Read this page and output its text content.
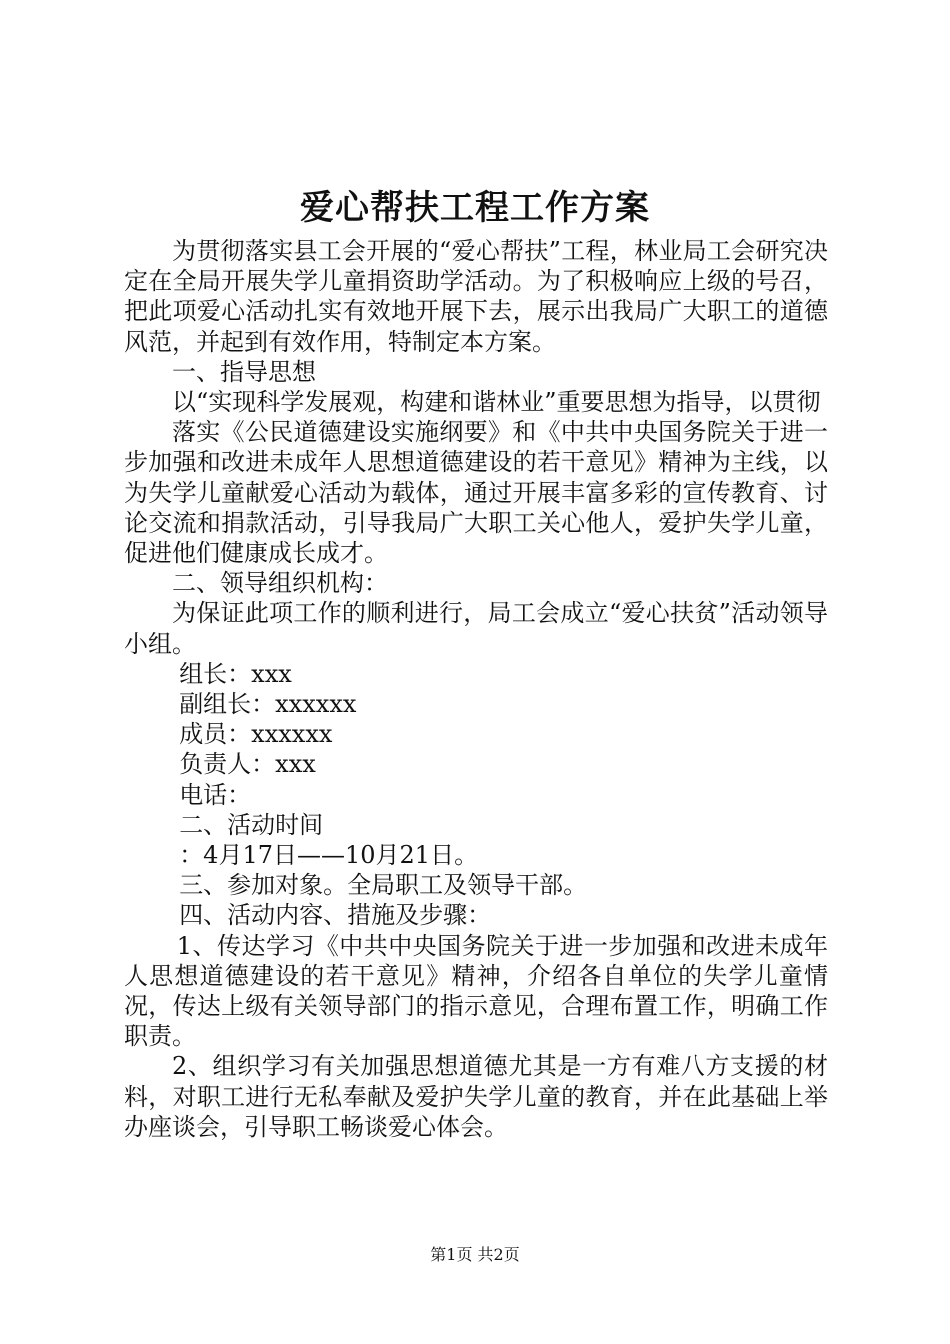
爱心帮扶工程工作方案

为贯彻落实县工会开展的“爱心帮扶”工程，林业局工会研究决定在全局开展失学儿童捐资助学活动。为了积极响应上级的号召，把此项爱心活动扎实有效地开展下去，展示出我局广大职工的道德风范，并起到有效作用，特制定本方案。

一、指导思想

以“实现科学发展观，构建和谐林业”重要思想为指导，以贯彻

落实《公民道德建设实施纲要》和《中共中央国务院关于进一步加强和改进未成年人思想道德建设的若干意见》精神为主线，以为失学儿童献爱心活动为载体，通过开展丰富多彩的宣传教育、讨论交流和捐款活动，引导我局广大职工关心他人，爱护失学儿童，促进他们健康成长成才。

二、领导组织机构：

为保证此项工作的顺利进行，局工会成立“爱心扶贫”活动领导小组。

组长：xxx

副组长：xxxxxx

成员：xxxxxx

负责人：xxx

电话：

二、活动时间

：4月17日——10月21日。

三、参加对象。全局职工及领导干部。

四、活动内容、措施及步骤：

1、传达学习《中共中央国务院关于进一步加强和改进未成年人思想道德建设的若干意见》精神，介绍各自单位的失学儿童情况，传达上级有关领导部门的指示意见，合理布置工作，明确工作职责。

2、组织学习有关加强思想道德尤其是一方有难八方支援的材料，对职工进行无私奉献及爱护失学儿童的教育，并在此基础上举办座谈会，引导职工畅谈爱心体会。

第1页 共2页
